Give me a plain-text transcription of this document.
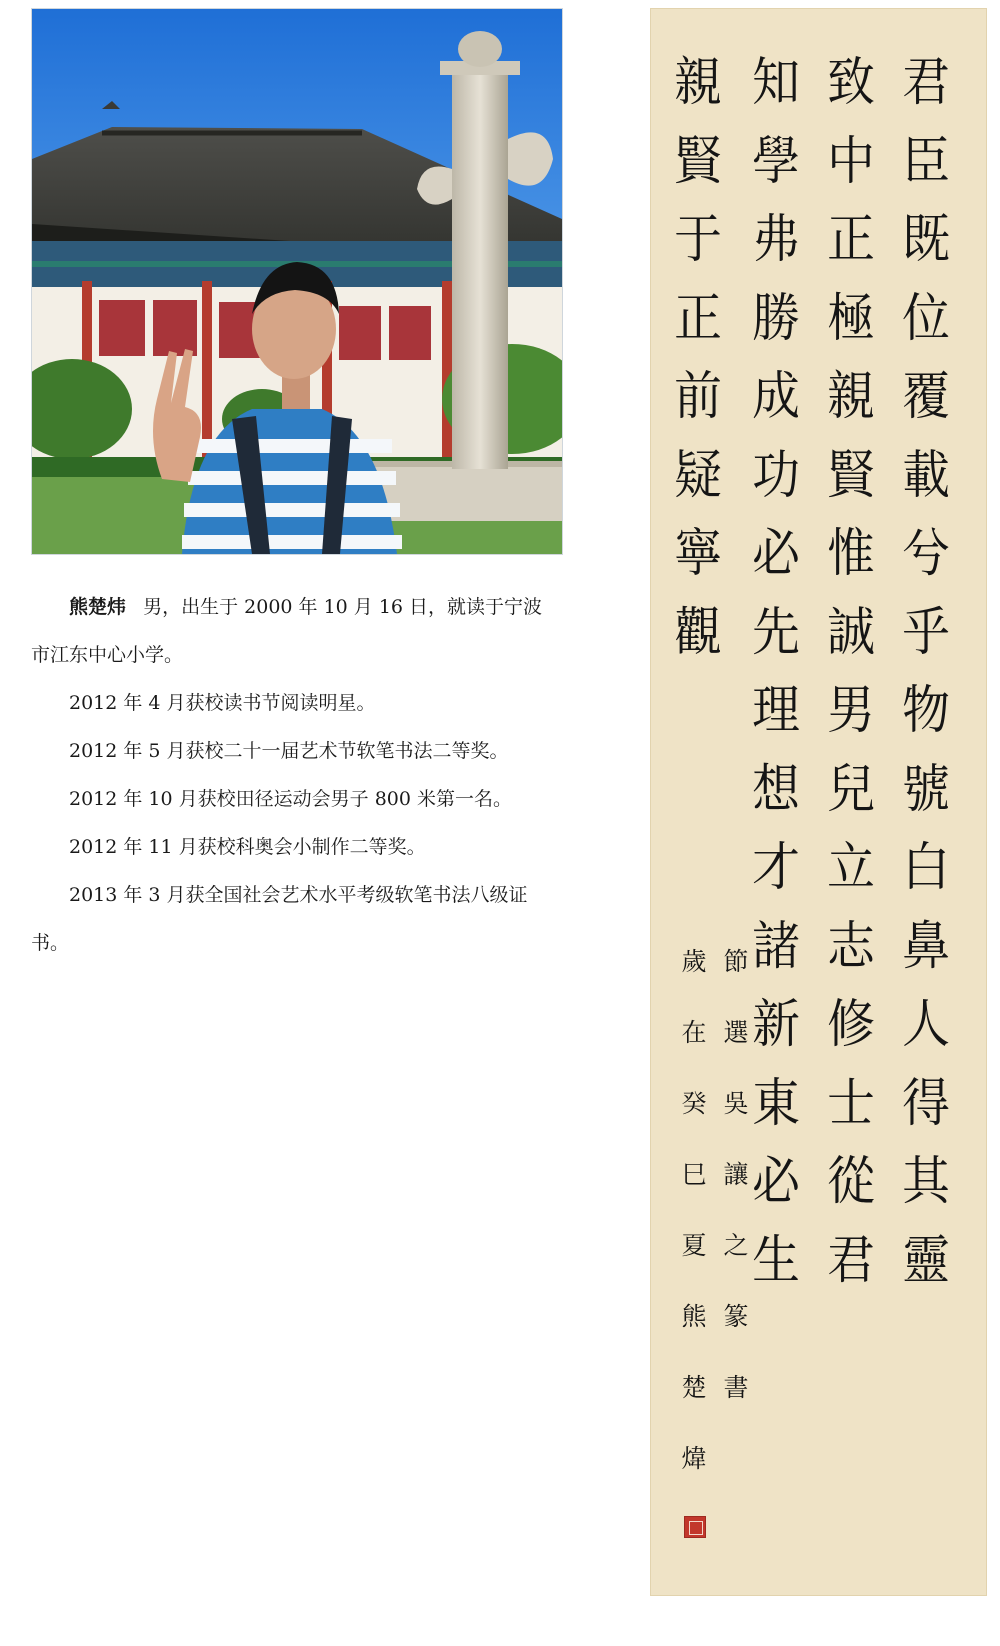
熊楚炜 男，出生于 2000 年 10 月 16 日，就读于宁波市江东中心小学。

2012 年 4 月获校读书节阅读明星。

2012 年 5 月获校二十一届艺术节软笔书法二等奖。

2012 年 10 月获校田径运动会男子 800 米第一名。

2012 年 11 月获校科奥会小制作二等奖。

2013 年 3 月获全国社会艺术水平考级软笔书法八级证书。

君
臣
既
位
覆
載
兮
乎
物
號
白
鼻
人
得
其
靈
致
中
正
極
親
賢
惟
誠
男
兒
立
志
修
士
從
君
知
學
弗
勝
成
功
必
先
理
想
才
諸
新
東
必
生
親
賢
于
正
前
疑
寧
觀
節
選
吳
讓
之
篆
書
歲
在
癸
巳
夏
熊
楚
煒
